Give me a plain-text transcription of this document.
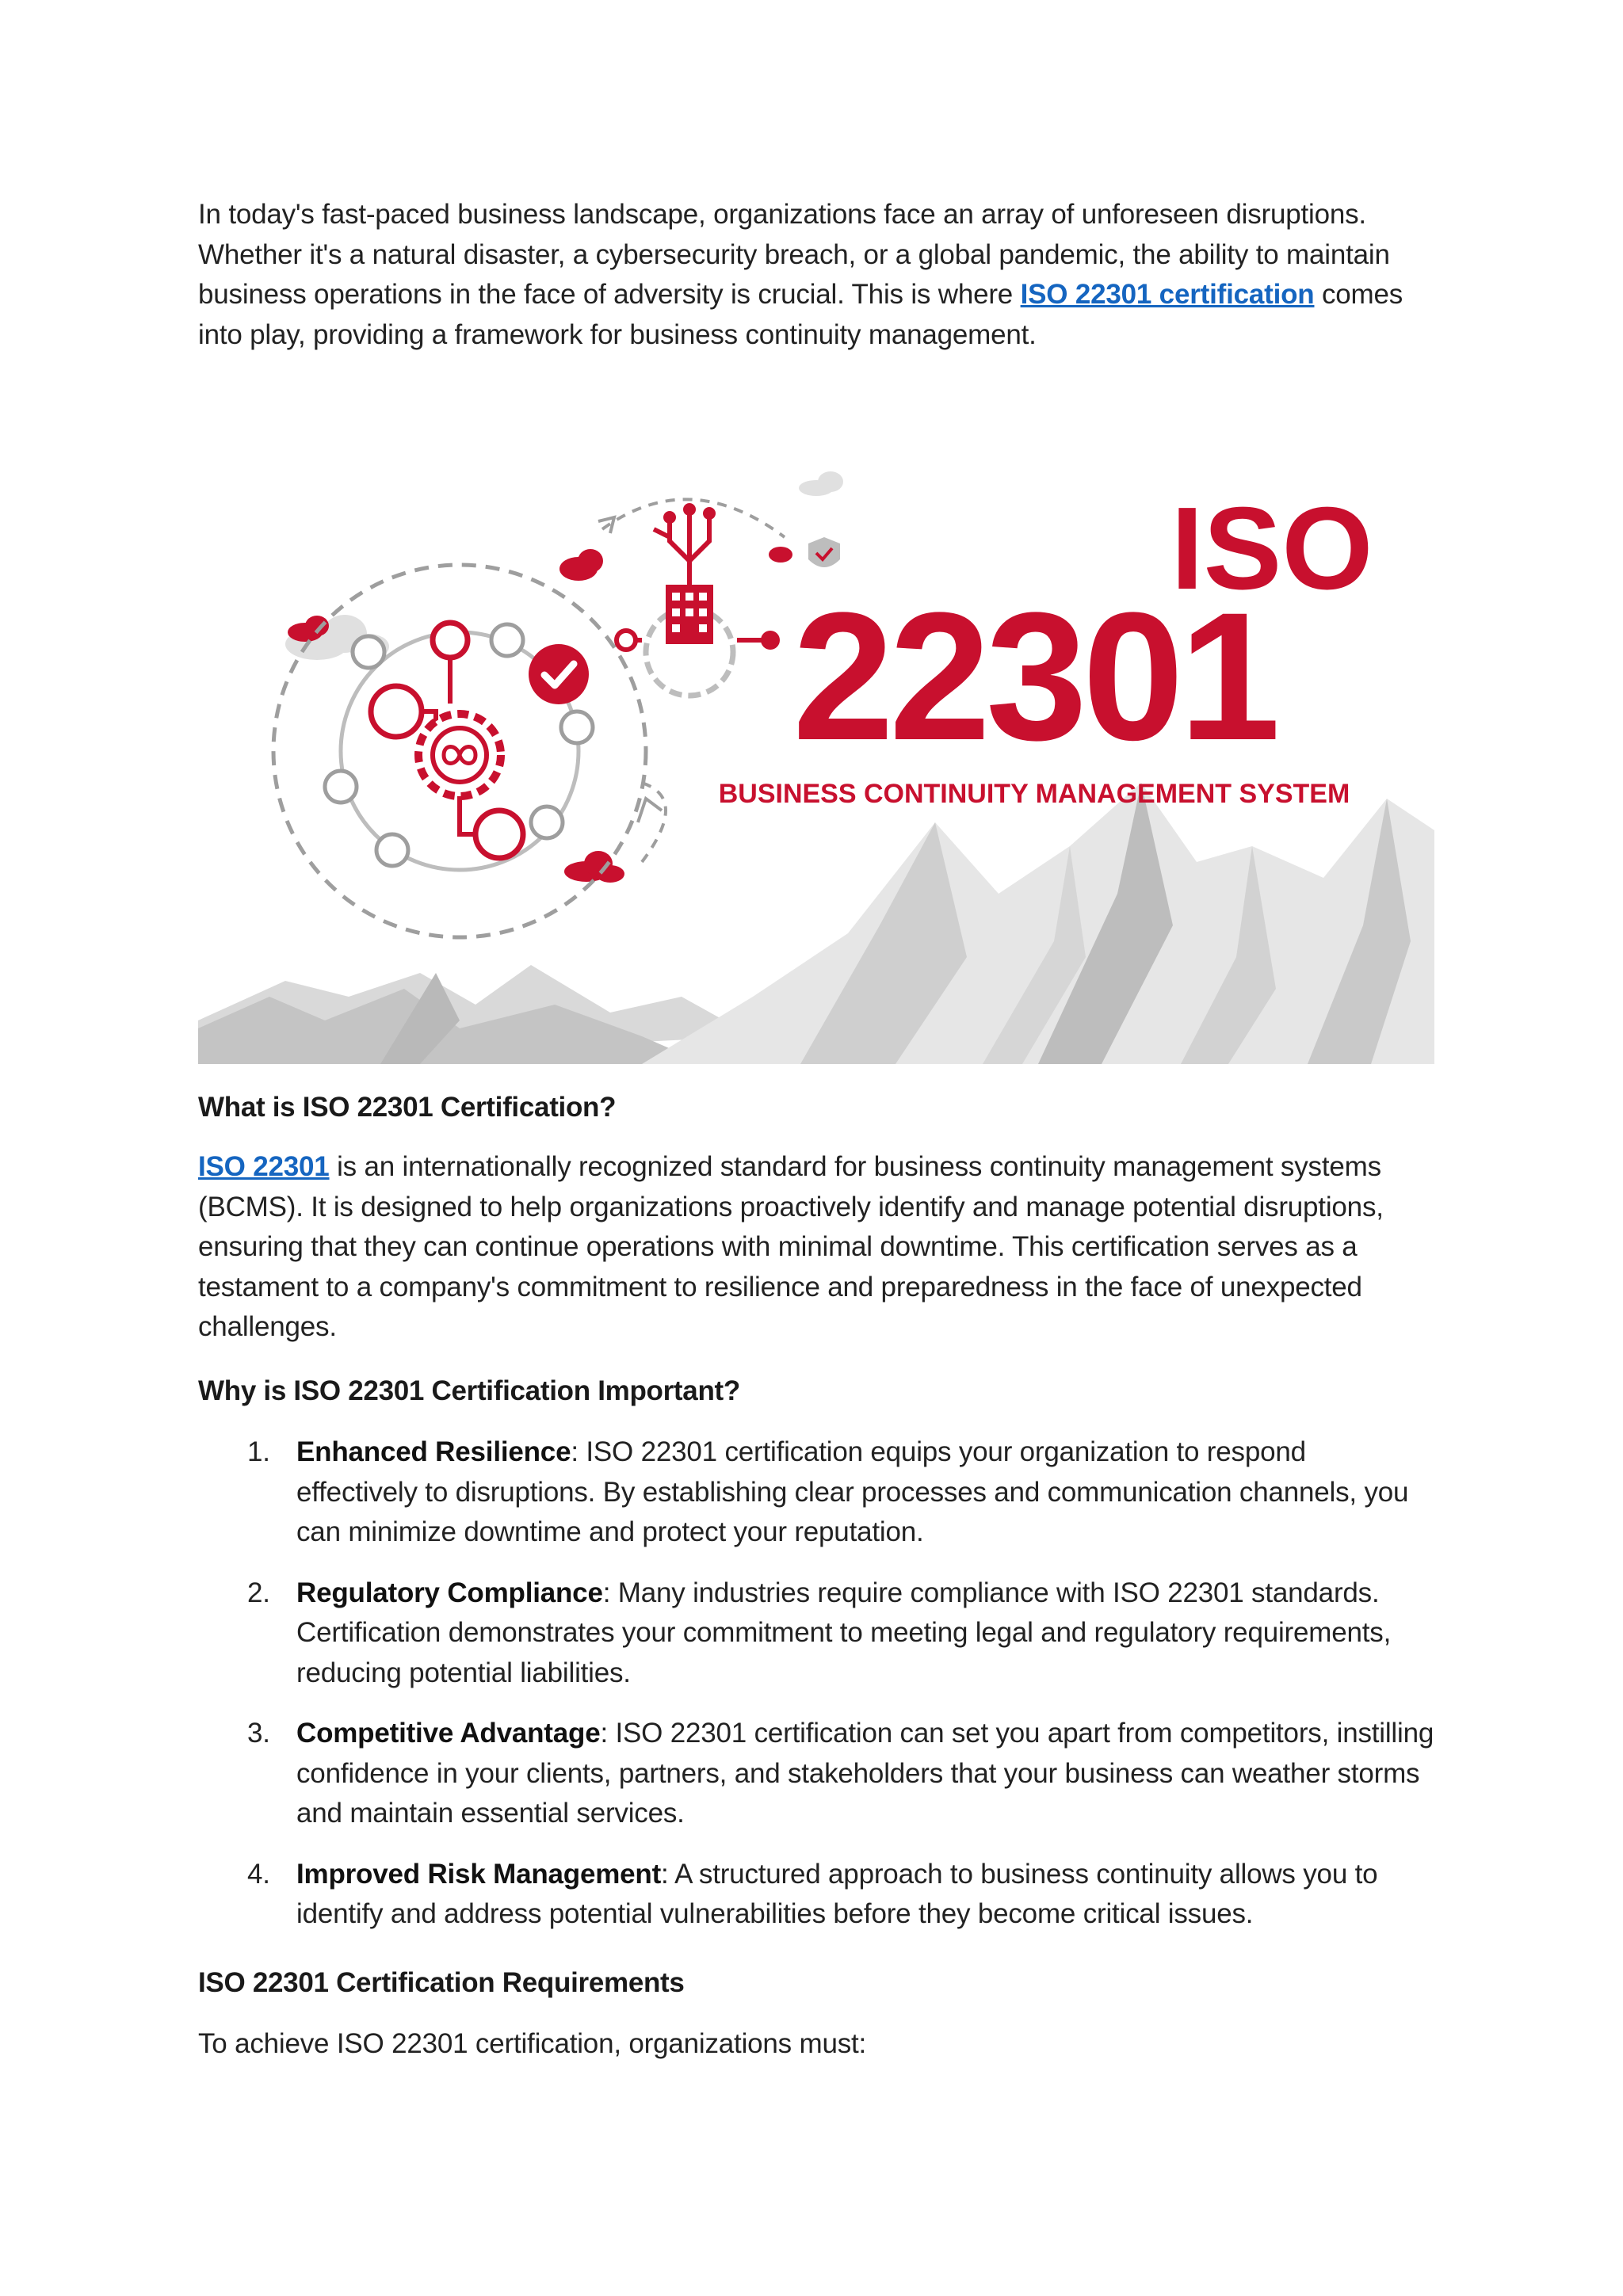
In today's fast-paced business landscape, organizations face an array of unforeseen disruptions. Whether it's a natural disaster, a cybersecurity breach, or a global pandemic, the ability to maintain business operations in the face of adversity is crucial. This is where ISO 22301 certification comes into play, providing a framework for business continuity management.

ISO
22301
BUSINESS CONTINUITY MANAGEMENT SYSTEM
What is ISO 22301 Certification?

ISO 22301 is an internationally recognized standard for business continuity management systems (BCMS). It is designed to help organizations proactively identify and manage potential disruptions, ensuring that they can continue operations with minimal downtime. This certification serves as a testament to a company's commitment to resilience and preparedness in the face of unexpected challenges.

Why is ISO 22301 Certification Important?
1. Enhanced Resilience: ISO 22301 certification equips your organization to respond effectively to disruptions. By establishing clear processes and communication channels, you can minimize downtime and protect your reputation.
2. Regulatory Compliance: Many industries require compliance with ISO 22301 standards. Certification demonstrates your commitment to meeting legal and regulatory requirements, reducing potential liabilities.
3. Competitive Advantage: ISO 22301 certification can set you apart from competitors, instilling confidence in your clients, partners, and stakeholders that your business can weather storms and maintain essential services.
4. Improved Risk Management: A structured approach to business continuity allows you to identify and address potential vulnerabilities before they become critical issues.
ISO 22301 Certification Requirements

To achieve ISO 22301 certification, organizations must:
